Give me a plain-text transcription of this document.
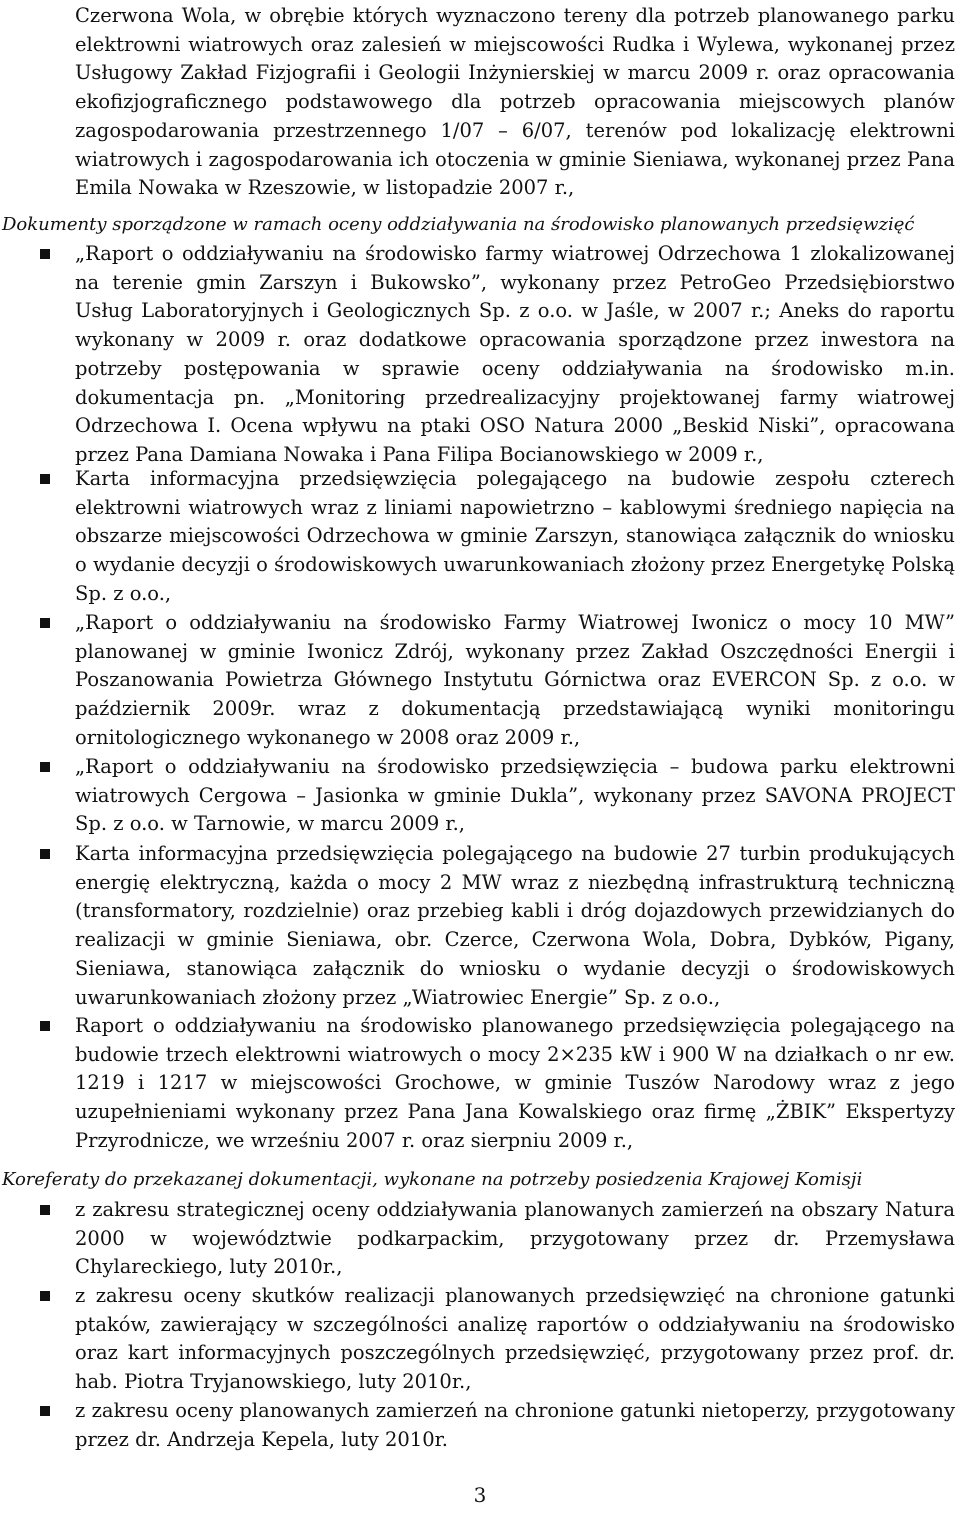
Czerwona Wola, w obrębie których wyznaczono tereny dla potrzeb planowanego parku elektrowni wiatrowych oraz zalesień w miejscowości Rudka i Wylewa, wykonanej przez Usługowy Zakład Fizjografii i Geologii Inżynierskiej w marcu 2009 r. oraz opracowania ekofizjograficznego podstawowego dla potrzeb opracowania miejscowych planów zagospodarowania przestrzennego 1/07 – 6/07, terenów pod lokalizację elektrowni wiatrowych i zagospodarowania ich otoczenia w gminie Sieniawa, wykonanej przez Pana Emila Nowaka w Rzeszowie, w listopadzie 2007 r.,

Dokumenty sporządzone w ramach oceny oddziaływania na środowisko planowanych przedsięwzięć

„Raport o oddziaływaniu na środowisko farmy wiatrowej Odrzechowa 1 zlokalizowanej na terenie gmin Zarszyn i Bukowsko”, wykonany przez PetroGeo Przedsiębiorstwo Usług Laboratoryjnych i Geologicznych Sp. z o.o. w Jaśle, w 2007 r.; Aneks do raportu wykonany w 2009 r. oraz dodatkowe opracowania sporządzone przez inwestora na potrzeby postępowania w sprawie oceny oddziaływania na środowisko m.in. dokumentacja pn. „Monitoring przedrealizacyjny projektowanej farmy wiatrowej Odrzechowa I. Ocena wpływu na ptaki OSO Natura 2000 „Beskid Niski”, opracowana przez Pana Damiana Nowaka i Pana Filipa Bocianowskiego w 2009 r.,

Karta informacyjna przedsięwzięcia polegającego na budowie zespołu czterech elektrowni wiatrowych wraz z liniami napowietrzno – kablowymi średniego napięcia na obszarze miejscowości Odrzechowa w gminie Zarszyn, stanowiąca załącznik do wniosku o wydanie decyzji o środowiskowych uwarunkowaniach złożony przez Energetykę Polską Sp. z o.o.,

„Raport o oddziaływaniu na środowisko Farmy Wiatrowej Iwonicz o mocy 10 MW” planowanej w gminie Iwonicz Zdrój, wykonany przez Zakład Oszczędności Energii i Poszanowania Powietrza Głównego Instytutu Górnictwa oraz EVERCON Sp. z o.o. w październik 2009r. wraz z dokumentacją przedstawiającą wyniki monitoringu ornitologicznego wykonanego w 2008 oraz 2009 r.,

„Raport o oddziaływaniu na środowisko przedsięwzięcia – budowa parku elektrowni wiatrowych Cergowa – Jasionka w gminie Dukla”, wykonany przez SAVONA PROJECT Sp. z o.o. w Tarnowie, w marcu 2009 r.,

Karta informacyjna przedsięwzięcia polegającego na budowie 27 turbin produkujących energię elektryczną, każda o mocy 2 MW wraz z niezbędną infrastrukturą techniczną (transformatory, rozdzielnie) oraz przebieg kabli i dróg dojazdowych przewidzianych do realizacji w gminie Sieniawa, obr. Czerce, Czerwona Wola, Dobra, Dybków, Pigany, Sieniawa, stanowiąca załącznik do wniosku o wydanie decyzji o środowiskowych uwarunkowaniach złożony przez „Wiatrowiec Energie” Sp. z o.o.,

Raport o oddziaływaniu na środowisko planowanego przedsięwzięcia polegającego na budowie trzech elektrowni wiatrowych o mocy 2×235 kW i 900 W na działkach o nr ew. 1219 i 1217 w miejscowości Grochowe, w gminie Tuszów Narodowy wraz z jego uzupełnieniami wykonany przez Pana Jana Kowalskiego oraz firmę „ŻBIK” Ekspertyzy Przyrodnicze, we wrześniu 2007 r. oraz sierpniu 2009 r.,

Koreferaty do przekazanej dokumentacji, wykonane na potrzeby posiedzenia Krajowej Komisji

z zakresu strategicznej oceny oddziaływania planowanych zamierzeń na obszary Natura 2000 w województwie podkarpackim, przygotowany przez dr. Przemysława Chylareckiego, luty 2010r.,

z zakresu oceny skutków realizacji planowanych przedsięwzięć na chronione gatunki ptaków, zawierający w szczególności analizę raportów o oddziaływaniu na środowisko oraz kart informacyjnych poszczególnych przedsięwzięć, przygotowany przez prof. dr. hab. Piotra Tryjanowskiego, luty 2010r.,

z zakresu oceny planowanych zamierzeń na chronione gatunki nietoperzy, przygotowany przez dr. Andrzeja Kepela, luty 2010r.

3
